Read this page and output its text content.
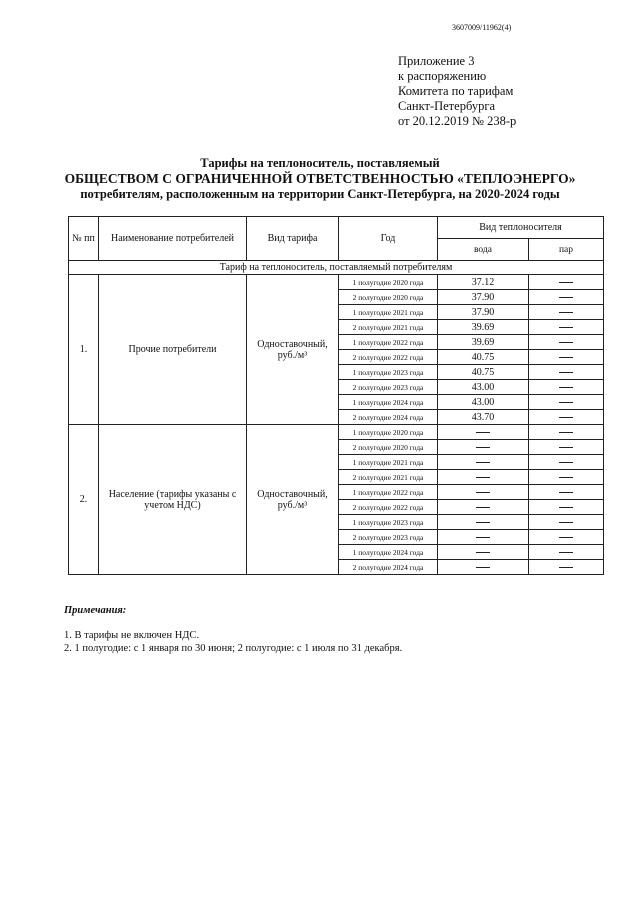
3607009/11962(4)
Приложение 3
к распоряжению
Комитета по тарифам
Санкт-Петербурга
от 20.12.2019 № 238-р
Тарифы на теплоноситель, поставляемый
ОБЩЕСТВОМ С ОГРАНИЧЕННОЙ ОТВЕТСТВЕННОСТЬЮ «ТЕПЛОЭНЕРГО»
потребителям, расположенным на территории Санкт-Петербурга, на 2020-2024 годы
№ пп	Наименование потребителей	Вид тарифа	Год	Вид теплоносителя	
				вода	пар
Тариф на теплоноситель, поставляемый потребителям					
1.	Прочие потребители	Одноставочный, руб./м³	1 полугодие 2020 года	37.12	
			2 полугодие 2020 года	37.90	
			1 полугодие 2021 года	37.90	
			2 полугодие 2021 года	39.69	
			1 полугодие 2022 года	39.69	
			2 полугодие 2022 года	40.75	
			1 полугодие 2023 года	40.75	
			2 полугодие 2023 года	43.00	
			1 полугодие 2024 года	43.00	
			2 полугодие 2024 года	43.70	
2.	Население (тарифы указаны с учетом НДС)	Одноставочный, руб./м³	1 полугодие 2020 года		
			2 полугодие 2020 года		
			1 полугодие 2021 года		
			2 полугодие 2021 года		
			1 полугодие 2022 года		
			2 полугодие 2022 года		
			1 полугодие 2023 года		
			2 полугодие 2023 года		
			1 полугодие 2024 года		
			2 полугодие 2024 года		
Примечания:
1. В тарифы не включен НДС.
2. 1 полугодие: с 1 января по 30 июня; 2 полугодие: с 1 июля по 31 декабря.
